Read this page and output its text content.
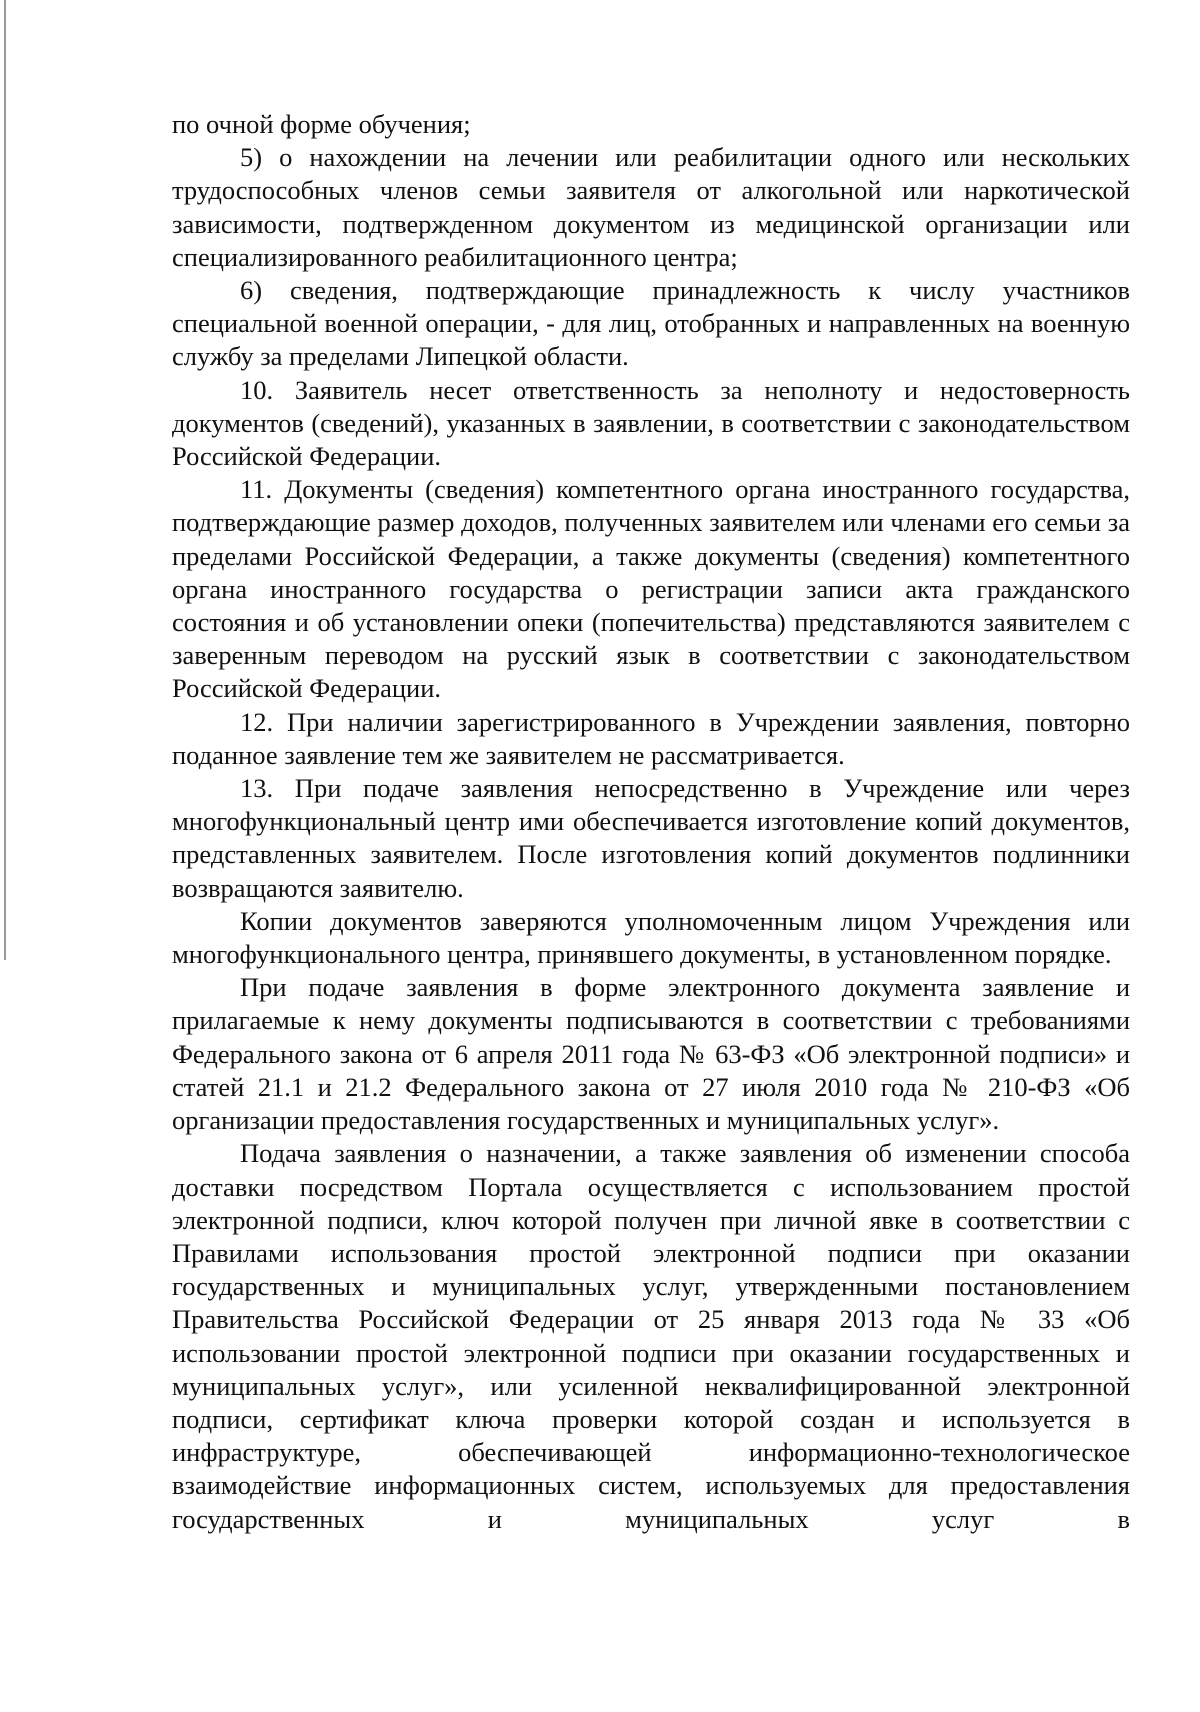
по очной форме обучения;

5) о нахождении на лечении или реабилитации одного или нескольких трудоспособных членов семьи заявителя от алкогольной или наркотической зависимости, подтвержденном документом из медицинской организации или специализированного реабилитационного центра;

6) сведения, подтверждающие принадлежность к числу участников специальной военной операции, - для лиц, отобранных и направленных на военную службу за пределами Липецкой области.

10. Заявитель несет ответственность за неполноту и недостоверность документов (сведений), указанных в заявлении, в соответствии с законодательством Российской Федерации.

11. Документы (сведения) компетентного органа иностранного государства, подтверждающие размер доходов, полученных заявителем или членами его семьи за пределами Российской Федерации, а также документы (сведения) компетентного органа иностранного государства о регистрации записи акта гражданского состояния и об установлении опеки (попечительства) представляются заявителем с заверенным переводом на русский язык в соответствии с законодательством Российской Федерации.

12. При наличии зарегистрированного в Учреждении заявления, повторно поданное заявление тем же заявителем не рассматривается.

13. При подаче заявления непосредственно в Учреждение или через многофункциональный центр ими обеспечивается изготовление копий документов, представленных заявителем. После изготовления копий документов подлинники возвращаются заявителю.

Копии документов заверяются уполномоченным лицом Учреждения или многофункционального центра, принявшего документы, в установленном порядке.

При подаче заявления в форме электронного документа заявление и прилагаемые к нему документы подписываются в соответствии с требованиями Федерального закона от 6 апреля 2011 года № 63-ФЗ «Об электронной подписи» и статей 21.1 и 21.2 Федерального закона от 27 июля 2010 года № 210-ФЗ «Об организации предоставления государственных и муниципальных услуг».

Подача заявления о назначении, а также заявления об изменении способа доставки посредством Портала осуществляется с использованием простой электронной подписи, ключ которой получен при личной явке в соответствии с Правилами использования простой электронной подписи при оказании государственных и муниципальных услуг, утвержденными постановлением Правительства Российской Федерации от 25 января 2013 года № 33 «Об использовании простой электронной подписи при оказании государственных и муниципальных услуг», или усиленной неквалифицированной электронной подписи, сертификат ключа проверки которой создан и используется в инфраструктуре, обеспечивающей информационно-технологическое взаимодействие информационных систем, используемых для предоставления государственных и муниципальных услуг в
